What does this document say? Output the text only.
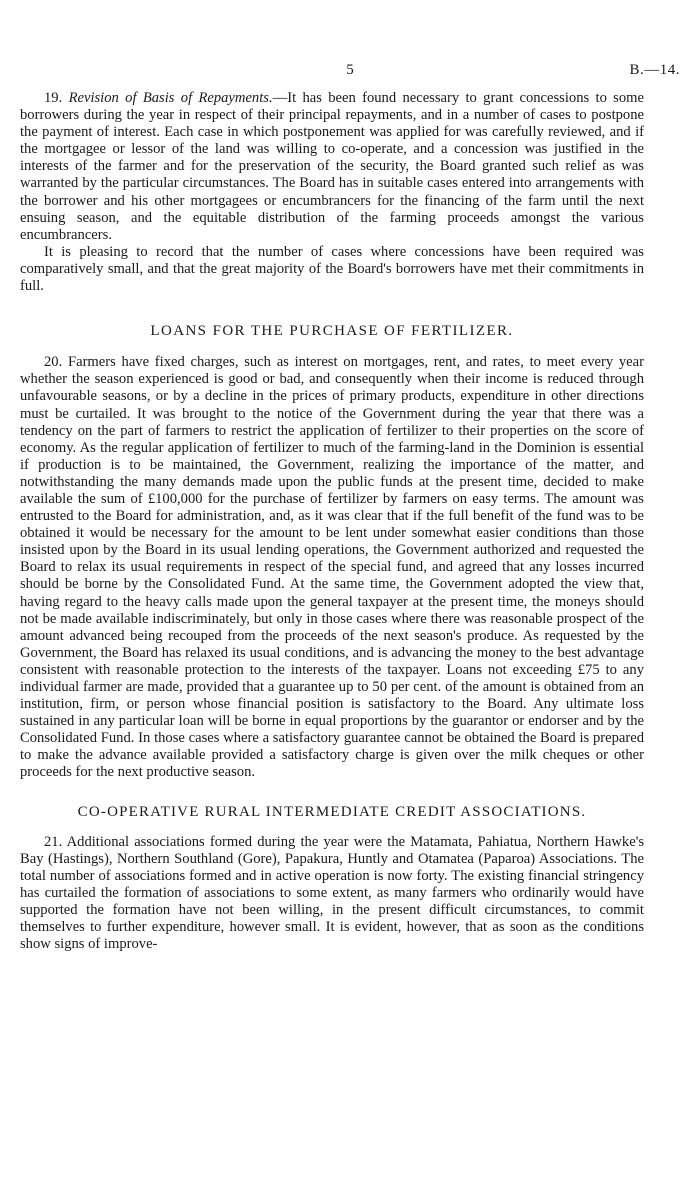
5	B.—14.

19. Revision of Basis of Repayments.—It has been found necessary to grant concessions to some borrowers during the year in respect of their principal repayments, and in a number of cases to postpone the payment of interest. Each case in which postponement was applied for was carefully reviewed, and if the mortgagee or lessor of the land was willing to co-operate, and a concession was justified in the interests of the farmer and for the preservation of the security, the Board granted such relief as was warranted by the particular circumstances. The Board has in suitable cases entered into arrangements with the borrower and his other mortgagees or encumbrancers for the financing of the farm until the next ensuing season, and the equitable distribution of the farming proceeds amongst the various encumbrancers.

It is pleasing to record that the number of cases where concessions have been required was comparatively small, and that the great majority of the Board's borrowers have met their commitments in full.

LOANS FOR THE PURCHASE OF FERTILIZER.

20. Farmers have fixed charges, such as interest on mortgages, rent, and rates, to meet every year whether the season experienced is good or bad, and consequently when their income is reduced through unfavourable seasons, or by a decline in the prices of primary products, expenditure in other directions must be curtailed. It was brought to the notice of the Government during the year that there was a tendency on the part of farmers to restrict the application of fertilizer to their properties on the score of economy. As the regular application of fertilizer to much of the farming-land in the Dominion is essential if production is to be maintained, the Government, realizing the importance of the matter, and notwithstanding the many demands made upon the public funds at the present time, decided to make available the sum of £100,000 for the purchase of fertilizer by farmers on easy terms. The amount was entrusted to the Board for administration, and, as it was clear that if the full benefit of the fund was to be obtained it would be necessary for the amount to be lent under somewhat easier conditions than those insisted upon by the Board in its usual lending operations, the Government authorized and requested the Board to relax its usual requirements in respect of the special fund, and agreed that any losses incurred should be borne by the Consolidated Fund. At the same time, the Government adopted the view that, having regard to the heavy calls made upon the general taxpayer at the present time, the moneys should not be made available indiscriminately, but only in those cases where there was reasonable prospect of the amount advanced being recouped from the proceeds of the next season's produce. As requested by the Government, the Board has relaxed its usual conditions, and is advancing the money to the best advantage consistent with reasonable protection to the interests of the taxpayer. Loans not exceeding £75 to any individual farmer are made, provided that a guarantee up to 50 per cent. of the amount is obtained from an institution, firm, or person whose financial position is satisfactory to the Board. Any ultimate loss sustained in any particular loan will be borne in equal proportions by the guarantor or endorser and by the Consolidated Fund. In those cases where a satisfactory guarantee cannot be obtained the Board is prepared to make the advance available provided a satisfactory charge is given over the milk cheques or other proceeds for the next productive season.

CO-OPERATIVE RURAL INTERMEDIATE CREDIT ASSOCIATIONS.

21. Additional associations formed during the year were the Matamata, Pahiatua, Northern Hawke's Bay (Hastings), Northern Southland (Gore), Papakura, Huntly and Otamatea (Paparoa) Associations. The total number of associations formed and in active operation is now forty. The existing financial stringency has curtailed the formation of associations to some extent, as many farmers who ordinarily would have supported the formation have not been willing, in the present difficult circumstances, to commit themselves to further expenditure, however small. It is evident, however, that as soon as the conditions show signs of improve-
